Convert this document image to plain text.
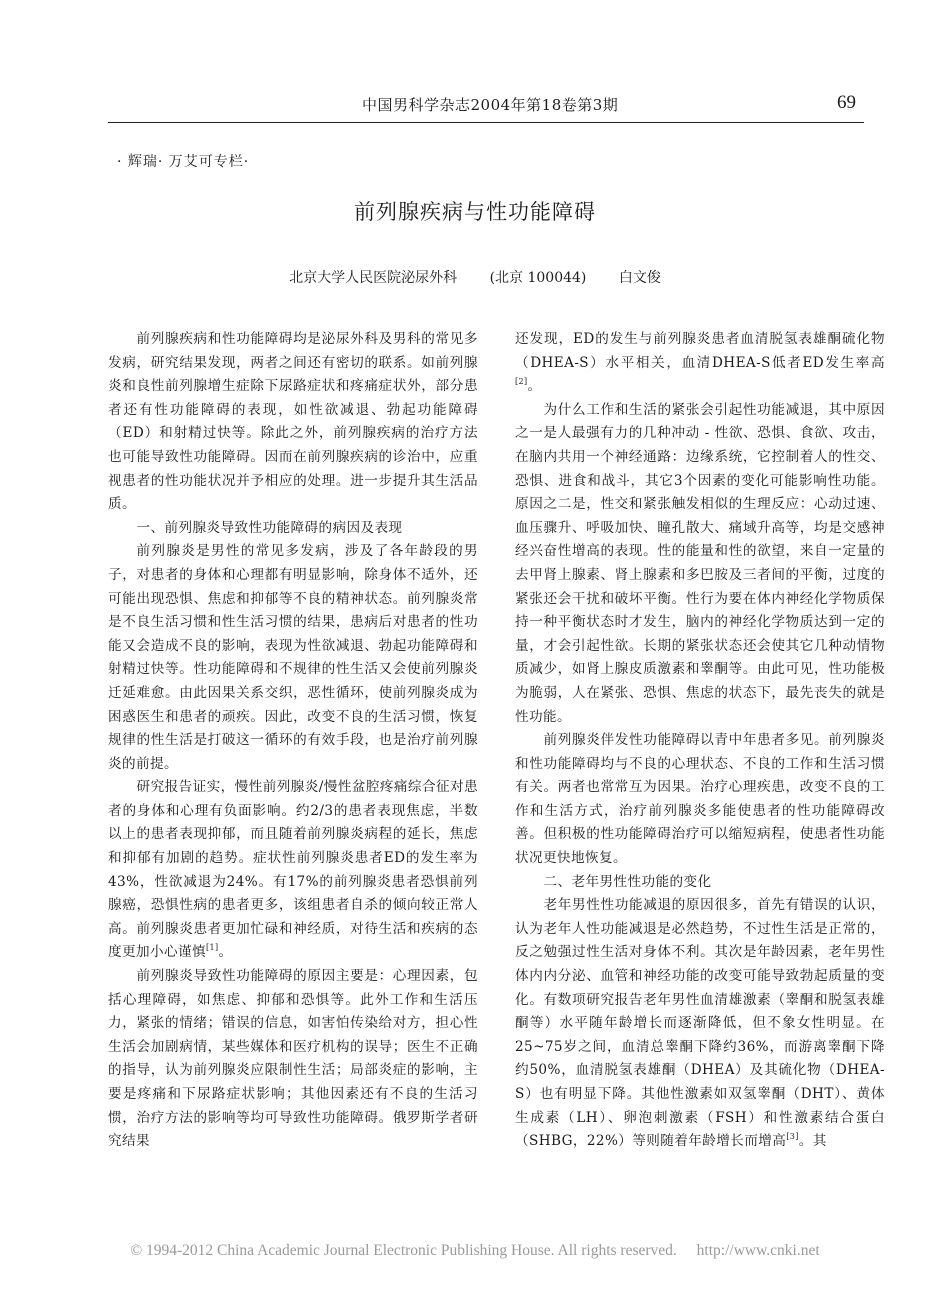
中国男科学杂志2004年第18卷第3期	69
· 辉瑞· 万艾可专栏·
前列腺疾病与性功能障碍
北京大学人民医院泌尿外科 (北京 100044) 白文俊

前列腺疾病和性功能障碍均是泌尿外科及男科的常见多发病，研究结果发现，两者之间还有密切的联系。如前列腺炎和良性前列腺增生症除下尿路症状和疼痛症状外，部分患者还有性功能障碍的表现，如性欲减退、勃起功能障碍（ED）和射精过快等。除此之外，前列腺疾病的治疗方法也可能导致性功能障碍。因而在前列腺疾病的诊治中，应重视患者的性功能状况并予相应的处理。进一步提升其生活品质。

一、前列腺炎导致性功能障碍的病因及表现

前列腺炎是男性的常见多发病，涉及了各年龄段的男子，对患者的身体和心理都有明显影响，除身体不适外，还可能出现恐惧、焦虑和抑郁等不良的精神状态。前列腺炎常是不良生活习惯和性生活习惯的结果，患病后对患者的性功能又会造成不良的影响，表现为性欲减退、勃起功能障碍和射精过快等。性功能障碍和不规律的性生活又会使前列腺炎迁延难愈。由此因果关系交织，恶性循环，使前列腺炎成为困惑医生和患者的顽疾。因此，改变不良的生活习惯，恢复规律的性生活是打破这一循环的有效手段，也是治疗前列腺炎的前提。

研究报告证实，慢性前列腺炎/慢性盆腔疼痛综合征对患者的身体和心理有负面影响。约2/3的患者表现焦虑，半数以上的患者表现抑郁，而且随着前列腺炎病程的延长，焦虑和抑郁有加剧的趋势。症状性前列腺炎患者ED的发生率为43%，性欲减退为24%。有17%的前列腺炎患者恐惧前列腺癌，恐惧性病的患者更多，该组患者自杀的倾向较正常人高。前列腺炎患者更加忙碌和神经质，对待生活和疾病的态度更加小心谨慎[1]。

前列腺炎导致性功能障碍的原因主要是：心理因素，包括心理障碍，如焦虑、抑郁和恐惧等。此外工作和生活压力，紧张的情绪；错误的信息，如害怕传染给对方，担心性生活会加剧病情，某些媒体和医疗机构的误导；医生不正确的指导，认为前列腺炎应限制性生活；局部炎症的影响，主要是疼痛和下尿路症状影响；其他因素还有不良的生活习惯，治疗方法的影响等均可导致性功能障碍。俄罗斯学者研究结果

还发现，ED的发生与前列腺炎患者血清脱氢表雄酮硫化物（DHEA-S）水平相关，血清DHEA-S低者ED发生率高[2]。

为什么工作和生活的紧张会引起性功能减退，其中原因之一是人最强有力的几种冲动 - 性欲、恐惧、食欲、攻击，在脑内共用一个神经通路：边缘系统，它控制着人的性交、恐惧、进食和战斗，其它3个因素的变化可能影响性功能。原因之二是，性交和紧张触发相似的生理反应：心动过速、血压骤升、呼吸加快、瞳孔散大、痛域升高等，均是交感神经兴奋性增高的表现。性的能量和性的欲望，来自一定量的去甲肾上腺素、肾上腺素和多巴胺及三者间的平衡，过度的紧张还会干扰和破坏平衡。性行为要在体内神经化学物质保持一种平衡状态时才发生，脑内的神经化学物质达到一定的量，才会引起性欲。长期的紧张状态还会使其它几种动情物质减少，如肾上腺皮质激素和睾酮等。由此可见，性功能极为脆弱，人在紧张、恐惧、焦虑的状态下，最先丧失的就是性功能。

前列腺炎伴发性功能障碍以青中年患者多见。前列腺炎和性功能障碍均与不良的心理状态、不良的工作和生活习惯有关。两者也常常互为因果。治疗心理疾患，改变不良的工作和生活方式，治疗前列腺炎多能使患者的性功能障碍改善。但积极的性功能障碍治疗可以缩短病程，使患者性功能状况更快地恢复。

二、老年男性性功能的变化

老年男性性功能减退的原因很多，首先有错误的认识，认为老年人性功能减退是必然趋势，不过性生活是正常的，反之勉强过性生活对身体不利。其次是年龄因素，老年男性体内内分泌、血管和神经功能的改变可能导致勃起质量的变化。有数项研究报告老年男性血清雄激素（睾酮和脱氢表雄酮等）水平随年龄增长而逐渐降低，但不象女性明显。在25~75岁之间，血清总睾酮下降约36%，而游离睾酮下降约50%，血清脱氢表雄酮（DHEA）及其硫化物（DHEA-S）也有明显下降。其他性激素如双氢睾酮（DHT）、黄体生成素（LH）、卵泡刺激素（FSH）和性激素结合蛋白（SHBG，22%）等则随着年龄增长而增高[3]。其

© 1994-2012 China Academic Journal Electronic Publishing House. All rights reserved. http://www.cnki.net
